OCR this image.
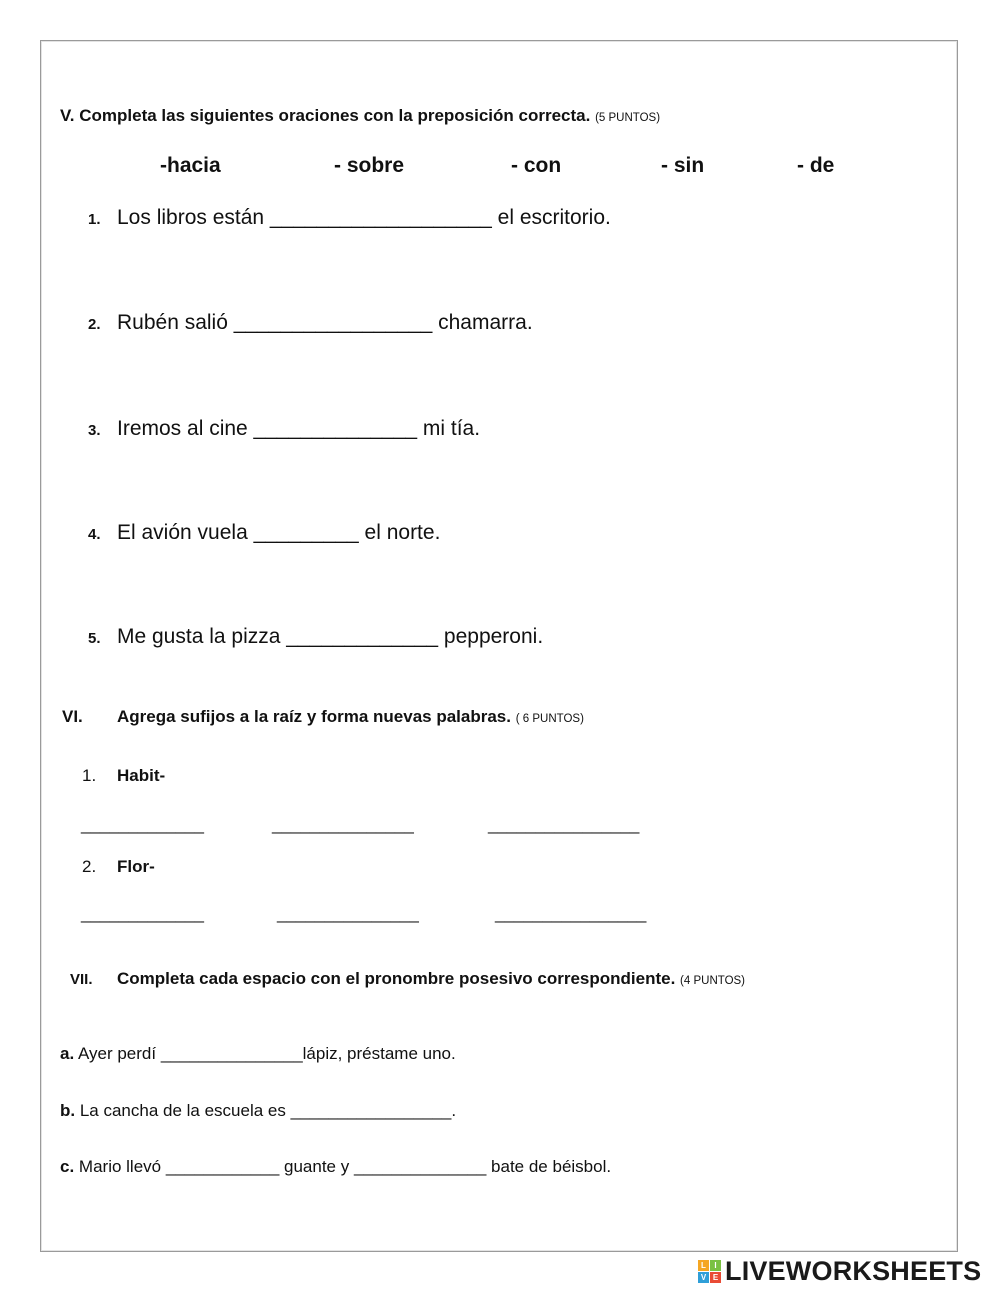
V. Completa las siguientes oraciones con la preposición correcta. (5 PUNTOS)
-hacia	- sobre	- con	- sin	- de
1. Los libros están ___________________ el escritorio.
2. Rubén salió _________________ chamarra.
3. Iremos al cine ______________ mi tía.
4. El avión vuela _________ el norte.
5. Me gusta la pizza _____________ pepperoni.
VI. Agrega sufijos a la raíz y forma nuevas palabras. ( 6 PUNTOS)
1. Habit-
_____________	_______________	________________
2. Flor-
_____________	_______________	________________
VII. Completa cada espacio con el pronombre posesivo correspondiente. (4 PUNTOS)
a. Ayer perdí _______________lápiz, préstame uno.
b. La cancha de la escuela es _________________.
c. Mario llevó ____________ guante y ______________ bate de béisbol.
L	I
V E LIVEWORKSHEETS
